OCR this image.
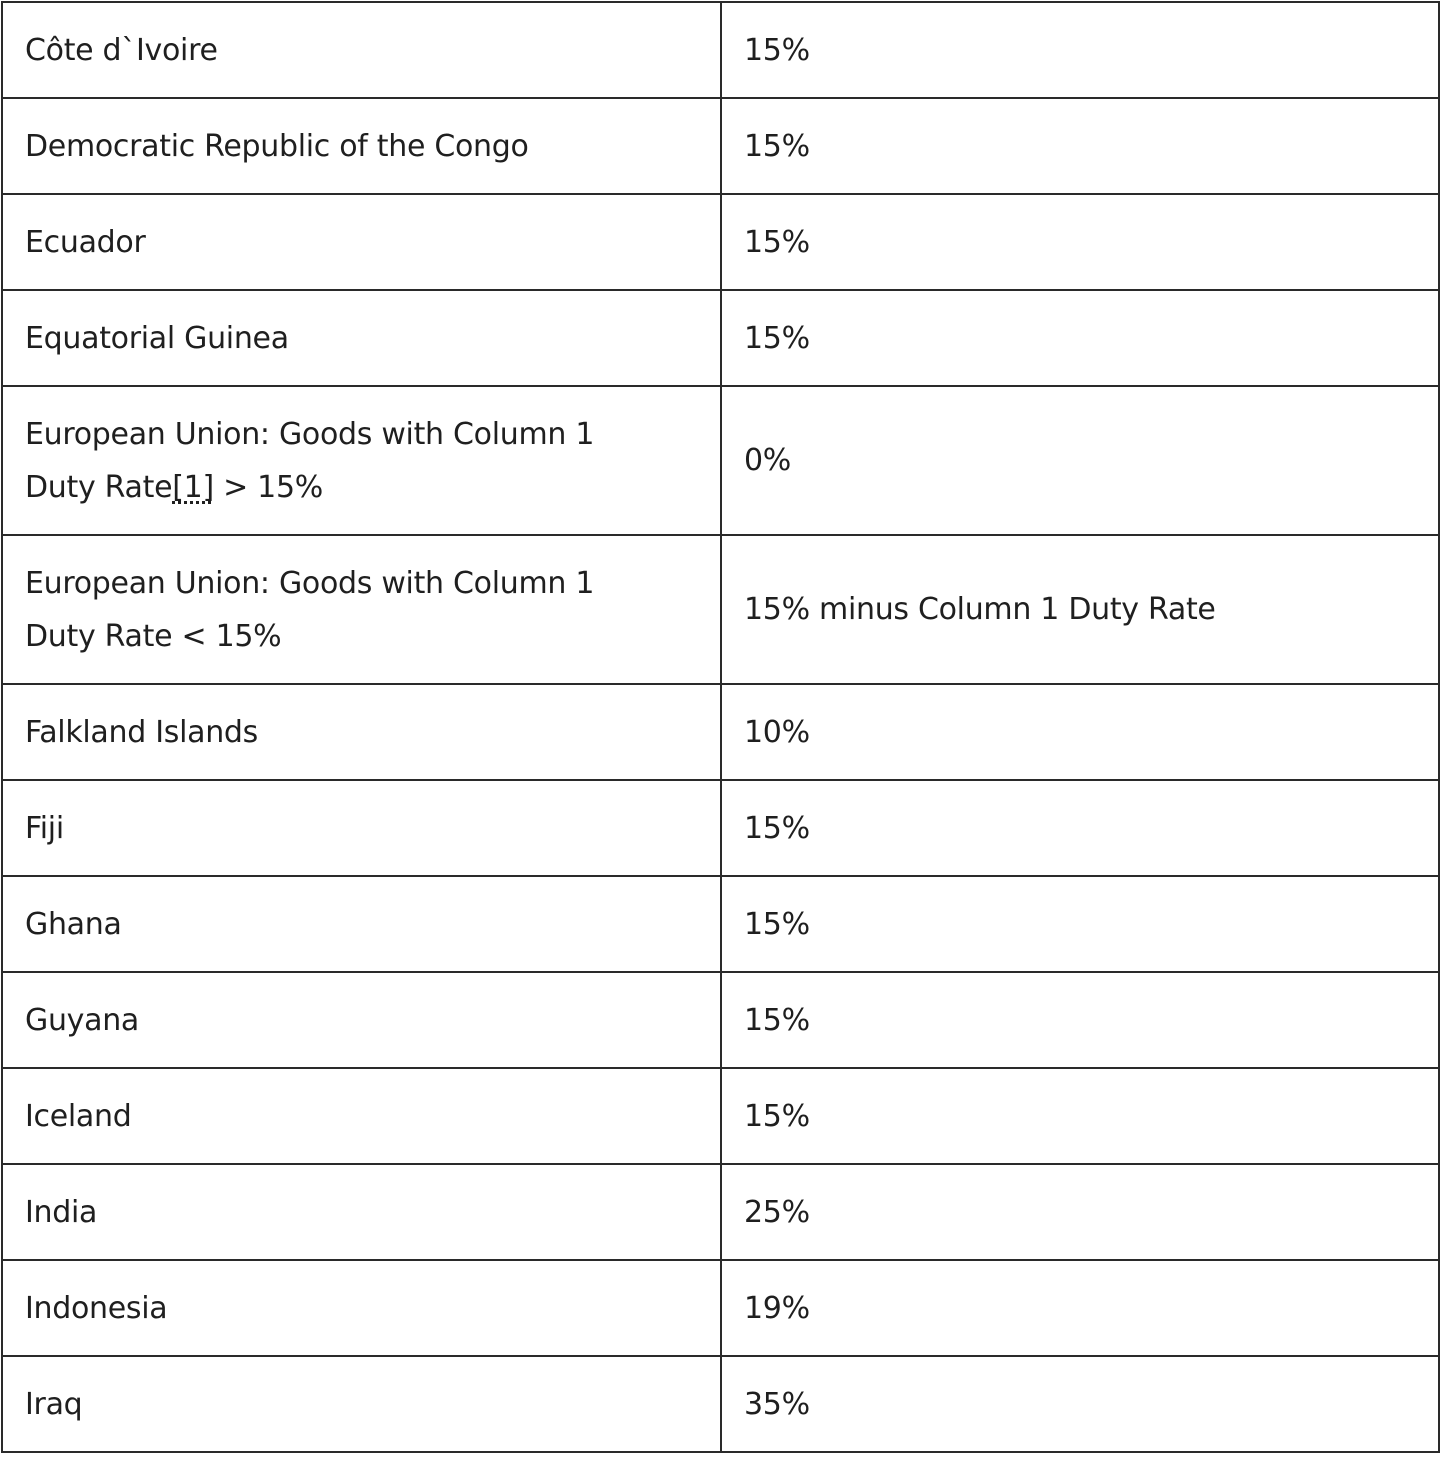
Côte d`Ivoire	15%
Democratic Republic of the Congo	15%
Ecuador	15%
Equatorial Guinea	15%
European Union: Goods with Column 1
Duty Rate[1] > 15%	0%
European Union: Goods with Column 1
Duty Rate < 15%	15% minus Column 1 Duty Rate
Falkland Islands	10%
Fiji	15%
Ghana	15%
Guyana	15%
Iceland	15%
India	25%
Indonesia	19%
Iraq	35%
